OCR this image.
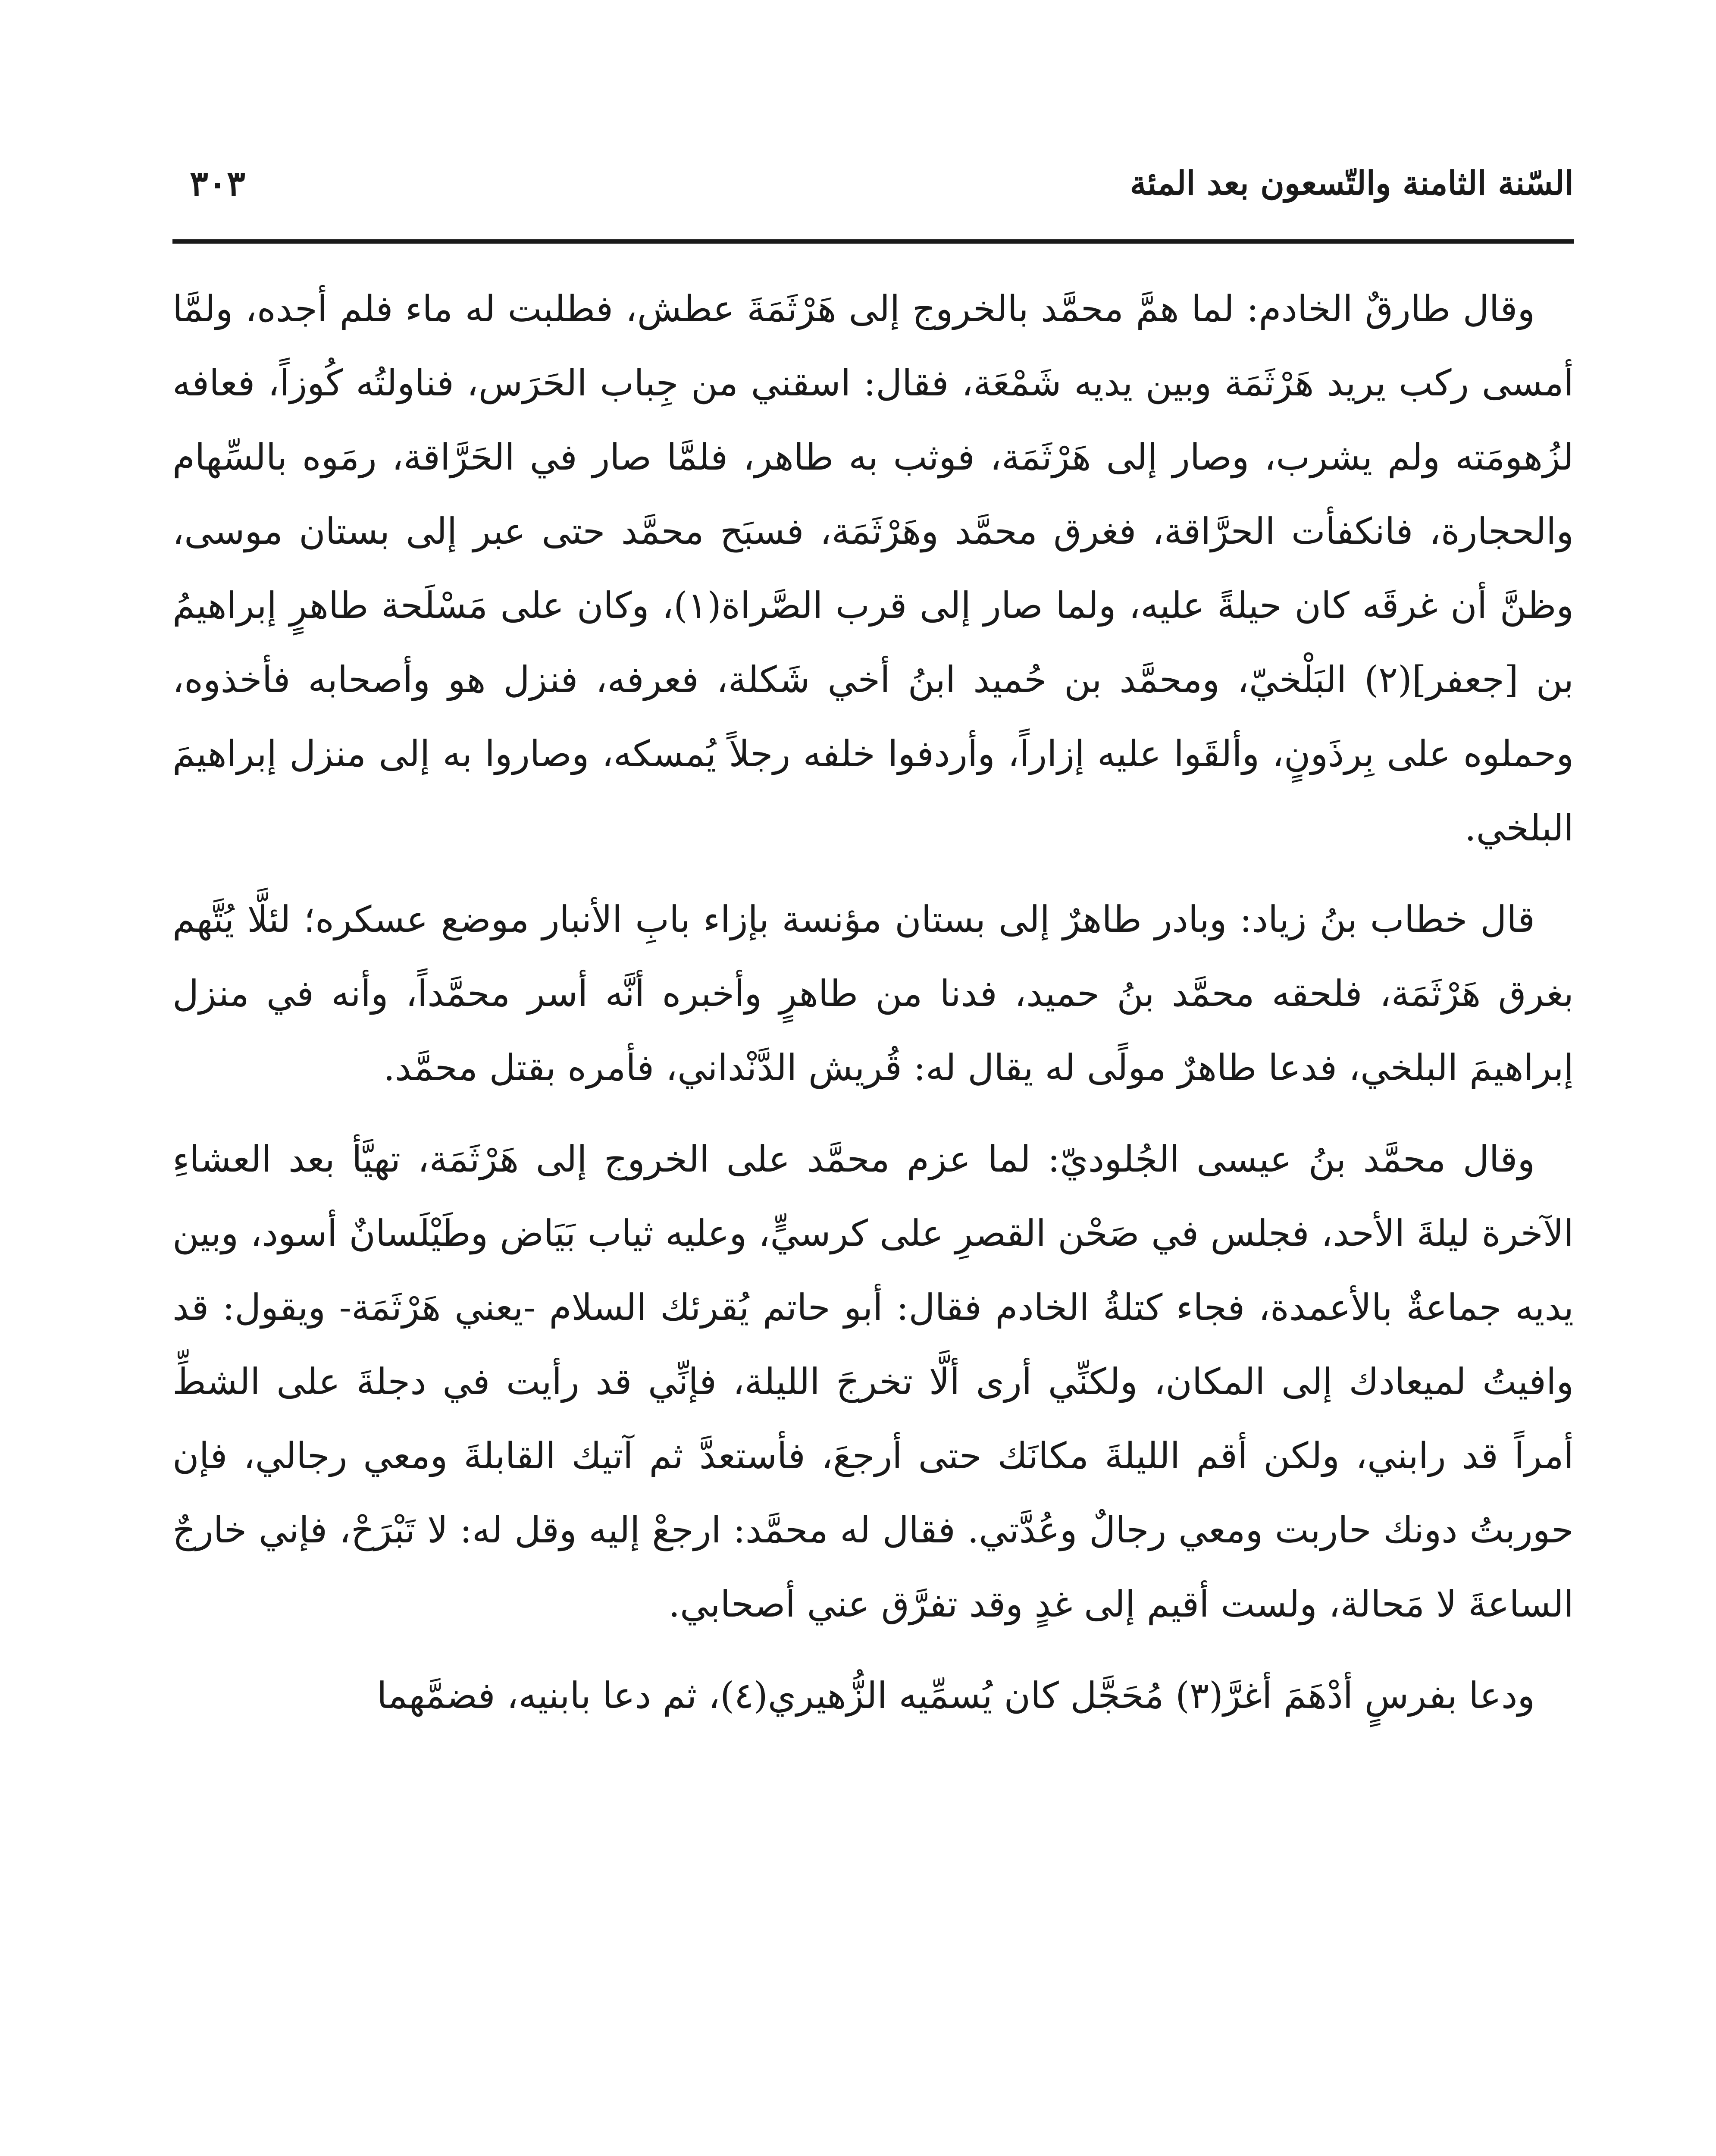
السّنة الثامنة والتّسعون بعد المئة
٣٠٣

وقال طارقٌ الخادم: لما همَّ محمَّد بالخروج إلى هَرْثَمَةَ عطش، فطلبت له ماء فلم أجده، ولمَّا أمسى ركب يريد هَرْثَمَة وبين يديه شَمْعَة، فقال: اسقني من جِباب الحَرَس، فناولتُه كُوزاً، فعافه لزُهومَته ولم يشرب، وصار إلى هَرْثَمَة، فوثب به طاهر، فلمَّا صار في الحَرَّاقة، رمَوه بالسِّهام والحجارة، فانكفأت الحرَّاقة، فغرق محمَّد وهَرْثَمَة، فسبَح محمَّد حتى عبر إلى بستان موسى، وظنَّ أن غرقَه كان حيلةً عليه، ولما صار إلى قرب الصَّراة(١)، وكان على مَسْلَحة طاهرٍ إبراهيمُ بن [جعفر](٢) البَلْخيّ، ومحمَّد بن حُميد ابنُ أخي شَكلة، فعرفه، فنزل هو وأصحابه فأخذوه، وحملوه على بِرذَونٍ، وألقَوا عليه إزاراً، وأردفوا خلفه رجلاً يُمسكه، وصاروا به إلى منزل إبراهيمَ البلخي.

قال خطاب بنُ زياد: وبادر طاهرٌ إلى بستان مؤنسة بإزاء بابِ الأنبار موضع عسكره؛ لئلَّا يُتَّهم بغرق هَرْثَمَة، فلحقه محمَّد بنُ حميد، فدنا من طاهرٍ وأخبره أنَّه أسر محمَّداً، وأنه في منزل إبراهيمَ البلخي، فدعا طاهرٌ مولًى له يقال له: قُريش الدَّنْداني، فأمره بقتل محمَّد.

وقال محمَّد بنُ عيسى الجُلوديّ: لما عزم محمَّد على الخروج إلى هَرْثَمَة، تهيَّأ بعد العشاءِ الآخرة ليلةَ الأحد، فجلس في صَحْن القصرِ على كرسيٍّ، وعليه ثياب بَيَاض وطَيْلَسانٌ أسود، وبين يديه جماعةٌ بالأعمدة، فجاء كتلةُ الخادم فقال: أبو حاتم يُقرئك السلام -يعني هَرْثَمَة- ويقول: قد وافيتُ لميعادك إلى المكان، ولكنِّي أرى ألَّا تخرجَ الليلة، فإنِّي قد رأيت في دجلةَ على الشطِّ أمراً قد رابني، ولكن أقم الليلةَ مكانَك حتى أرجعَ، فأستعدَّ ثم آتيك القابلةَ ومعي رجالي، فإن حوربتُ دونك حاربت ومعي رجالٌ وعُدَّتي. فقال له محمَّد: ارجعْ إليه وقل له: لا تَبْرَحْ، فإني خارجٌ الساعةَ لا مَحالة، ولست أقيم إلى غدٍ وقد تفرَّق عني أصحابي.

ودعا بفرسٍ أدْهَمَ أغرَّ(٣) مُحَجَّل كان يُسمِّيه الزُّهيري(٤)، ثم دعا بابنيه، فضمَّهما
